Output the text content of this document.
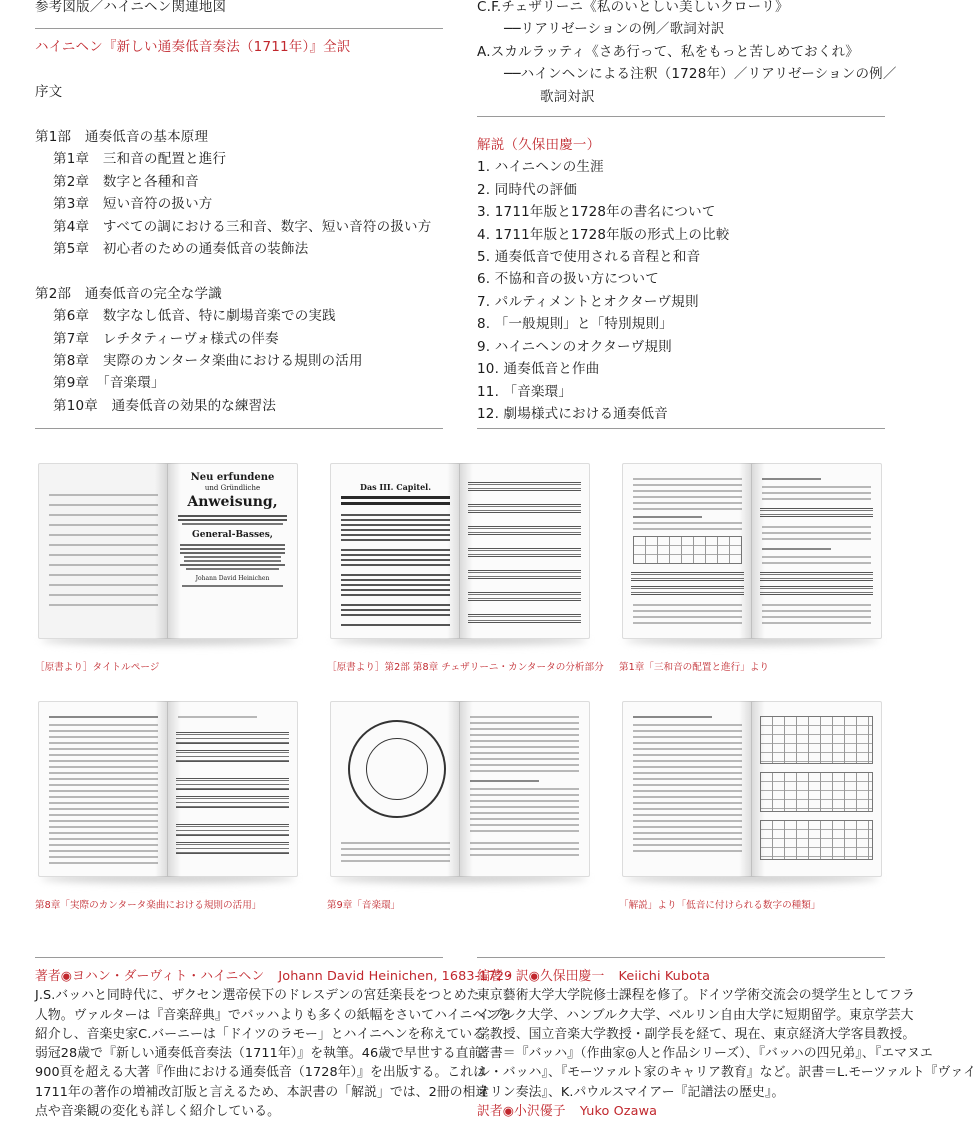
参考図版／ハイニヘン関連地図
ハイニヘン『新しい通奏低音奏法（1711年）』全訳
序文
第1部　通奏低音の基本原理
第1章　三和音の配置と進行
第2章　数字と各種和音
第3章　短い音符の扱い方
第4章　すべての調における三和音、数字、短い音符の扱い方
第5章　初心者のための通奏低音の装飾法
第2部　通奏低音の完全な学識
第6章　数字なし低音、特に劇場音楽での実践
第7章　レチタティーヴォ様式の伴奏
第8章　実際のカンタータ楽曲における規則の活用
第9章　「音楽環」
第10章　通奏低音の効果的な練習法
C.F.チェザリーニ《私のいとしい美しいクローリ》
──リアリゼーションの例／歌詞対訳
A.スカルラッティ《さあ行って、私をもっと苦しめておくれ》
──ハインヘンによる注釈（1728年）／リアリゼーションの例／
歌詞対訳
解説（久保田慶一）
1. ハイニヘンの生涯
2. 同時代の評価
3. 1711年版と1728年の書名について
4. 1711年版と1728年版の形式上の比較
5. 通奏低音で使用される音程と和音
6. 不協和音の扱い方について
7. パルティメントとオクターヴ規則
8. 「一般規則」と「特別規則」
9. ハイニヘンのオクターヴ規則
10. 通奏低音と作曲
11. 「音楽環」
12. 劇場様式における通奏低音
Neu erfundene
und Gründliche
Anweisung,
General-Basses,
Johann David Heinichen
［原書より］タイトルページ
Das III. Capitel.
［原書より］第2部 第8章 チェザリーニ・カンタータの分析部分 第1章「三和音の配置と進行」より
第8章「実際のカンタータ楽曲における規則の活用」	第9章「音楽環」	「解説」より「低音に付けられる数字の種類」
著者◉ヨハン・ダーヴィト・ハイニヘン Johann David Heinichen, 1683-1729
J.S.バッハと同時代に、ザクセン選帝侯下のドレスデンの宮廷楽長をつとめた
人物。ヴァルターは『音楽辞典』でバッハよりも多くの紙幅をさいてハイニヘンを
紹介し、音楽史家C.バーニーは「ドイツのラモー」とハイニヘンを称えている。
弱冠28歳で『新しい通奏低音奏法（1711年）』を執筆。46歳で早世する直前、
900頁を超える大著『作曲における通奏低音（1728年）』を出版する。これは
1711年の著作の増補改訂版と言えるため、本訳書の「解説」では、2冊の相違
点や音楽観の変化も詳しく紹介している。
編著・訳◉久保田慶一 Keiichi Kubota
東京藝術大学大学院修士課程を修了。ドイツ学術交流会の奨学生としてフラ
イブルク大学、ハンブルク大学、ベルリン自由大学に短期留学。東京学芸大
学教授、国立音楽大学教授・副学長を経て、現在、東京経済大学客員教授。
著書＝『バッハ』（作曲家◎人と作品シリーズ）、『バッハの四兄弟』、『エマヌエ
ル・バッハ』、『モーツァルト家のキャリア教育』など。訳書＝L.モーツァルト『ヴァイ
オリン奏法』、K.パウルスマイアー『記譜法の歴史』。
訳者◉小沢優子 Yuko Ozawa
